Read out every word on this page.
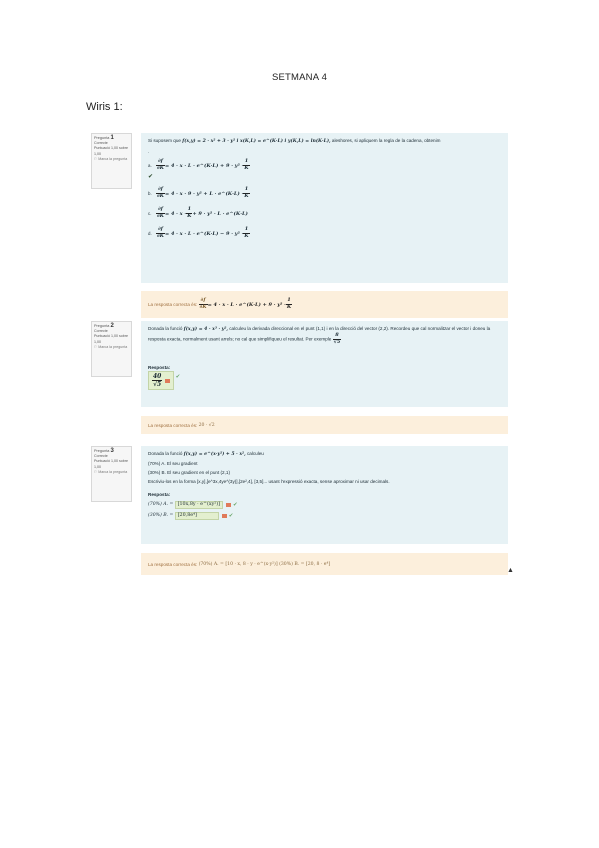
SETMANA 4
Wiris 1:
Pregunta 1
Correcte
Puntuació 1,00 sobre 1,00
⚐ Marca la pregunta
Si suposem que f(x,y) = 2 · x² + 3 · y² i x(K,L) = e^(K·L) i y(K,L) = ln(K·L), aleshores, si apliquem la regla de la cadena, obtenim
.
a. $\frac{\partial f}{\partial K} = 4 \cdot x \cdot L$ · e^(K·L) + $9 \cdot y^2 \cdot \frac{1}{K}$
✔
b. $\frac{\partial f}{\partial K} = 4 \cdot x \cdot 9 \cdot y^2 + L$ · e^(K·L) · $\frac{1}{K}$
c. $\frac{\partial f}{\partial K} = 4 \cdot x \cdot \frac{1}{K} + 9 \cdot y^2 \cdot L$ · e^(K·L)
d. $\frac{\partial f}{\partial K} = 4 \cdot x \cdot L$ · e^(K·L) − $9 \cdot y^2 \cdot \frac{1}{K}$
La resposta correcta és:
$\frac{\partial f}{\partial K} = 4 \cdot x \cdot L$ · e^(K·L) + $9 \cdot y^2 \cdot \frac{1}{K}$
Pregunta 2
Correcte
Puntuació 1,00 sobre 1,00
⚐ Marca la pregunta
Donada la funció f(x,y) = 4 · x³ · y², calculeu la derivada direccional en el punt (1,1) i en la direcció del vector (2,2). Recordeu que cal normalitzar el vector i doneu la resposta exacta, normalment usant arrels; no cal que simplifiqueu el resultat. Per exemple $\frac{8}{√5}$
Resposta:
$\frac{40}{√5}$ ✔
La resposta correcta és:
20 · √2
Pregunta 3
Correcte
Puntuació 1,00 sobre 1,00
⚐ Marca la pregunta
Donada la funció f(x,y) = e^(x·y²) + 5 · x², calculeu
(70%) A. El seu gradient
(30%) B. El seu gradient en el punt (2,1)
Escriviu-los en la forma [x,y],[e^3x,4ye^(3y)],[2e²,4], [3,5]... usant l'expressió exacta, sense aproximar ni usar decimals.
Resposta:
(70%) A. =
[10x,8y · e^(xy²)]	✔
(30%) B. =
[20,8e⁴]	✔
La resposta correcta és:
(70%) A. = [10 · x, 8 · y · e^(x·y²)] (30%) B. = [20, 8 · e⁴]
▲
